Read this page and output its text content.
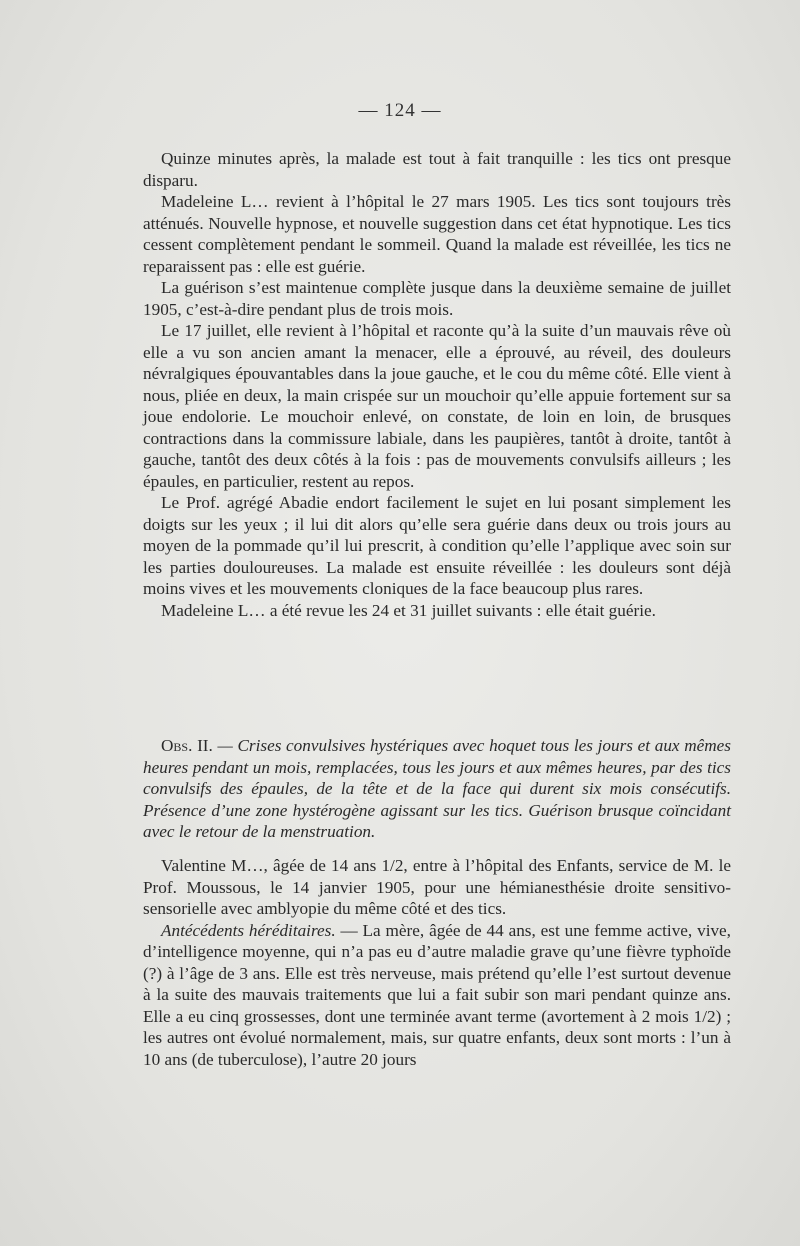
— 124 —

Quinze minutes après, la malade est tout à fait tranquille : les tics ont presque disparu.

Madeleine L… revient à l’hôpital le 27 mars 1905. Les tics sont toujours très atténués. Nouvelle hypnose, et nouvelle suggestion dans cet état hypnotique. Les tics cessent complètement pendant le sommeil. Quand la malade est réveillée, les tics ne reparaissent pas : elle est guérie.

La guérison s’est maintenue complète jusque dans la deuxième semaine de juillet 1905, c’est-à-dire pendant plus de trois mois.

Le 17 juillet, elle revient à l’hôpital et raconte qu’à la suite d’un mauvais rêve où elle a vu son ancien amant la menacer, elle a éprouvé, au réveil, des douleurs névralgiques épouvantables dans la joue gauche, et le cou du même côté. Elle vient à nous, pliée en deux, la main crispée sur un mouchoir qu’elle appuie fortement sur sa joue endolorie. Le mouchoir enlevé, on constate, de loin en loin, de brusques contractions dans la commissure labiale, dans les paupières, tantôt à droite, tantôt à gauche, tantôt des deux côtés à la fois : pas de mouvements convulsifs ailleurs ; les épaules, en particulier, restent au repos.

Le Prof. agrégé Abadie endort facilement le sujet en lui posant simplement les doigts sur les yeux ; il lui dit alors qu’elle sera guérie dans deux ou trois jours au moyen de la pommade qu’il lui prescrit, à condition qu’elle l’applique avec soin sur les parties douloureuses. La malade est ensuite réveillée : les douleurs sont déjà moins vives et les mouvements cloniques de la face beaucoup plus rares.

Madeleine L… a été revue les 24 et 31 juillet suivants : elle était guérie.

Obs. II. — Crises convulsives hystériques avec hoquet tous les jours et aux mêmes heures pendant un mois, remplacées, tous les jours et aux mêmes heures, par des tics convulsifs des épaules, de la tête et de la face qui durent six mois consécutifs. Présence d’une zone hystérogène agissant sur les tics. Guérison brusque coïncidant avec le retour de la menstruation.

Valentine M…, âgée de 14 ans 1/2, entre à l’hôpital des Enfants, service de M. le Prof. Moussous, le 14 janvier 1905, pour une hémianesthésie droite sensitivo-sensorielle avec amblyopie du même côté et des tics.

Antécédents héréditaires. — La mère, âgée de 44 ans, est une femme active, vive, d’intelligence moyenne, qui n’a pas eu d’autre maladie grave qu’une fièvre typhoïde (?) à l’âge de 3 ans. Elle est très nerveuse, mais prétend qu’elle l’est surtout devenue à la suite des mauvais traitements que lui a fait subir son mari pendant quinze ans. Elle a eu cinq grossesses, dont une terminée avant terme (avortement à 2 mois 1/2) ; les autres ont évolué normalement, mais, sur quatre enfants, deux sont morts : l’un à 10 ans (de tuberculose), l’autre 20 jours
